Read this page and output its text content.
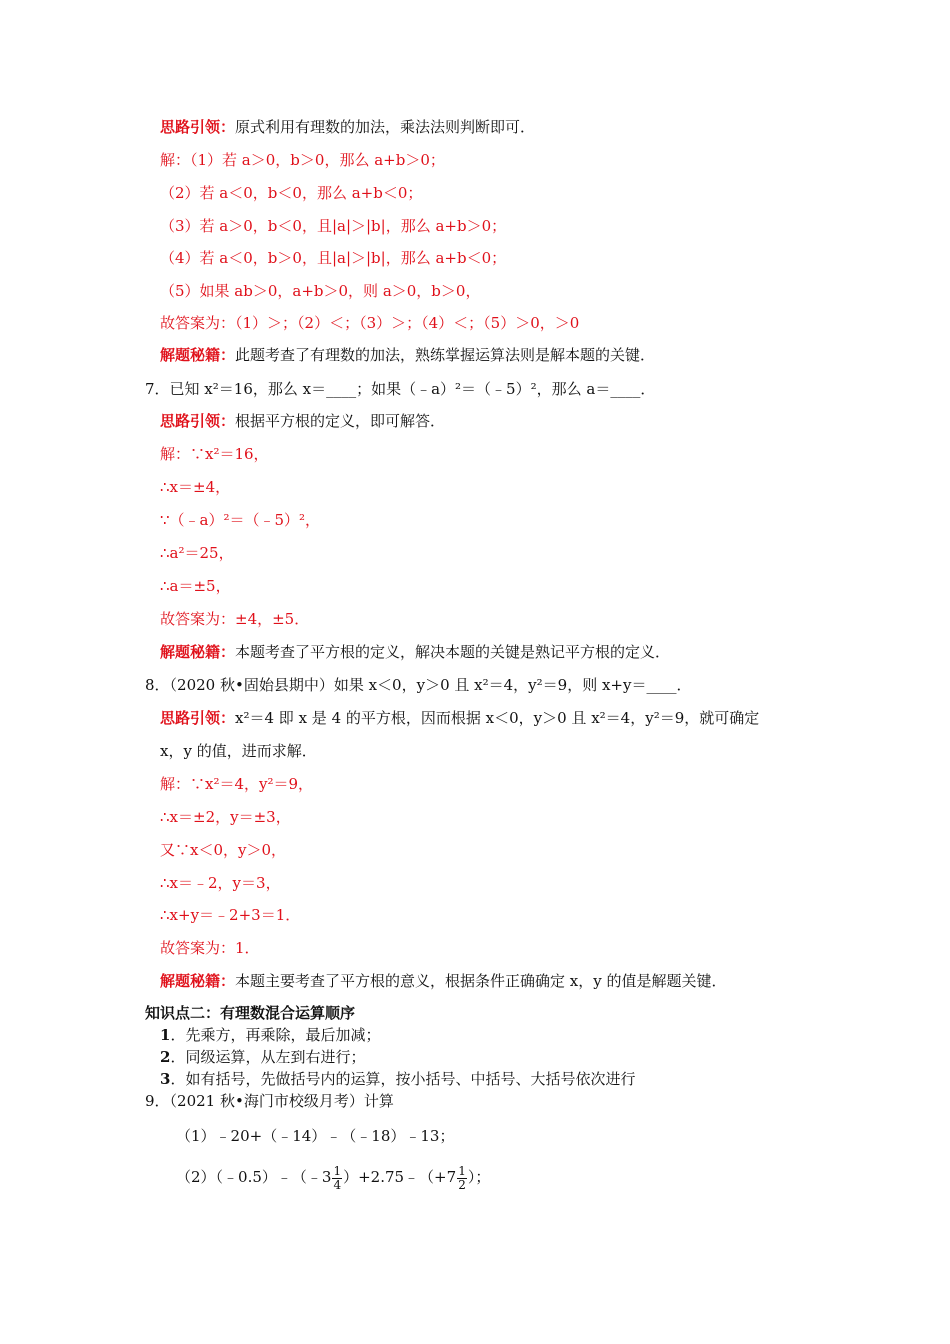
思路引领：原式利用有理数的加法，乘法法则判断即可．
解：（1）若 a＞0，b＞0，那么 a+b＞0；
（2）若 a＜0，b＜0，那么 a+b＜0；
（3）若 a＞0，b＜0，且|a|＞|b|，那么 a+b＞0；
（4）若 a＜0，b＞0，且|a|＞|b|，那么 a+b＜0；
（5）如果 ab＞0，a+b＞0，则 a＞0，b＞0，
故答案为：（1）＞；（2）＜；（3）＞；（4）＜；（5）＞0，＞0
解题秘籍：此题考查了有理数的加法，熟练掌握运算法则是解本题的关键．
7．已知 x²＝16，那么 x＝____；如果（﹣a）²＝（﹣5）²，那么 a＝____．
思路引领：根据平方根的定义，即可解答．
解：∵x²＝16，
∴x＝±4，
∵（﹣a）²＝（﹣5）²，
∴a²＝25，
∴a＝±5，
故答案为：±4，±5．
解题秘籍：本题考查了平方根的定义，解决本题的关键是熟记平方根的定义．
8．（2020 秋•固始县期中）如果 x＜0，y＞0 且 x²＝4，y²＝9，则 x+y＝____．
思路引领：x²＝4 即 x 是 4 的平方根，因而根据 x＜0，y＞0 且 x²＝4，y²＝9，就可确定
x，y 的值，进而求解．
解：∵x²＝4，y²＝9，
∴x＝±2，y＝±3，
又∵x＜0，y＞0，
∴x＝﹣2，y＝3，
∴x+y＝﹣2+3＝1．
故答案为：1．
解题秘籍：本题主要考查了平方根的意义，根据条件正确确定 x，y 的值是解题关键．
知识点二：有理数混合运算顺序
1．先乘方，再乘除，最后加减；
2．同级运算，从左到右进行；
3．如有括号，先做括号内的运算，按小括号、中括号、大括号依次进行
9．（2021 秋•海门市校级月考）计算
（1）﹣20+（﹣14）﹣（﹣18）﹣13；
（2）（﹣0.5）﹣（﹣3 $\frac{1}{4}$ ）+2.75﹣（+7 $\frac{1}{2}$ ）；
